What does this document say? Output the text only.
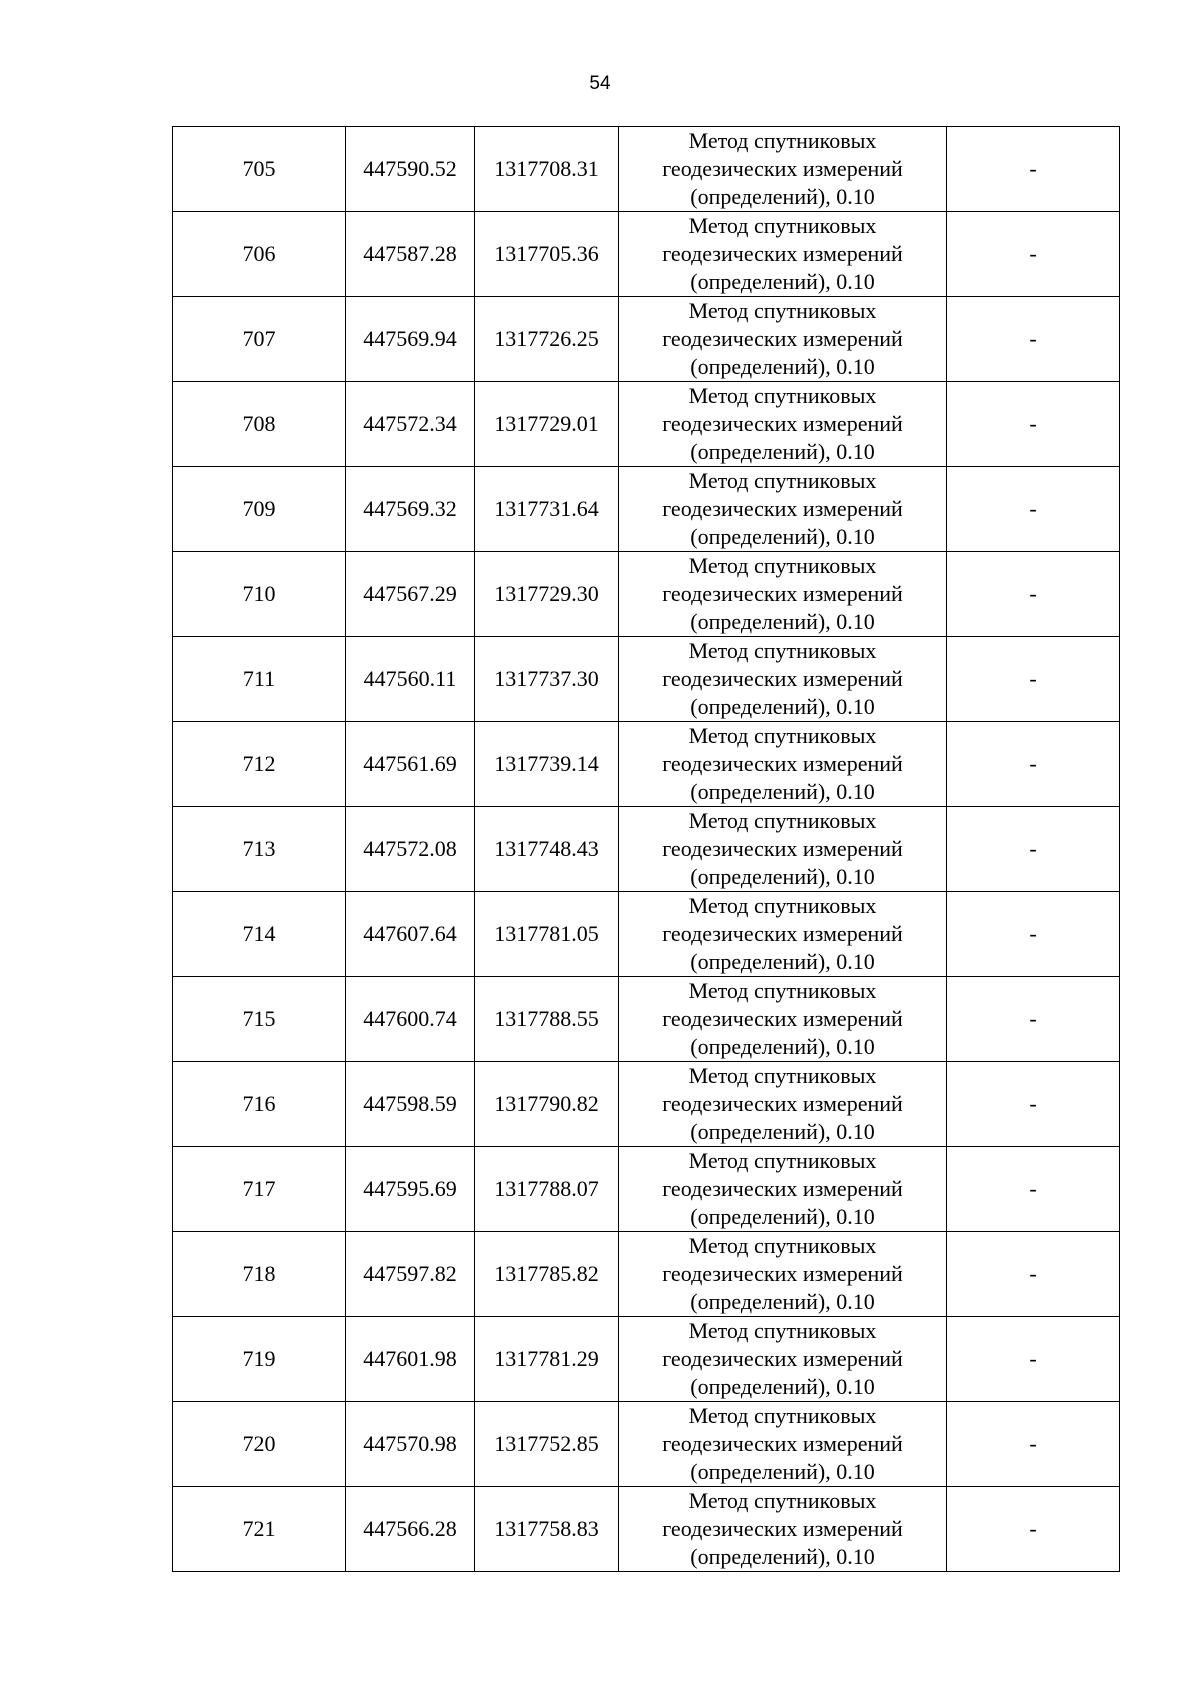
54
705	447590.52	1317708.31	Метод спутниковых
геодезических измерений
(определений), 0.10	-
706	447587.28	1317705.36	Метод спутниковых
геодезических измерений
(определений), 0.10	-
707	447569.94	1317726.25	Метод спутниковых
геодезических измерений
(определений), 0.10	-
708	447572.34	1317729.01	Метод спутниковых
геодезических измерений
(определений), 0.10	-
709	447569.32	1317731.64	Метод спутниковых
геодезических измерений
(определений), 0.10	-
710	447567.29	1317729.30	Метод спутниковых
геодезических измерений
(определений), 0.10	-
711	447560.11	1317737.30	Метод спутниковых
геодезических измерений
(определений), 0.10	-
712	447561.69	1317739.14	Метод спутниковых
геодезических измерений
(определений), 0.10	-
713	447572.08	1317748.43	Метод спутниковых
геодезических измерений
(определений), 0.10	-
714	447607.64	1317781.05	Метод спутниковых
геодезических измерений
(определений), 0.10	-
715	447600.74	1317788.55	Метод спутниковых
геодезических измерений
(определений), 0.10	-
716	447598.59	1317790.82	Метод спутниковых
геодезических измерений
(определений), 0.10	-
717	447595.69	1317788.07	Метод спутниковых
геодезических измерений
(определений), 0.10	-
718	447597.82	1317785.82	Метод спутниковых
геодезических измерений
(определений), 0.10	-
719	447601.98	1317781.29	Метод спутниковых
геодезических измерений
(определений), 0.10	-
720	447570.98	1317752.85	Метод спутниковых
геодезических измерений
(определений), 0.10	-
721	447566.28	1317758.83	Метод спутниковых
геодезических измерений
(определений), 0.10	-
